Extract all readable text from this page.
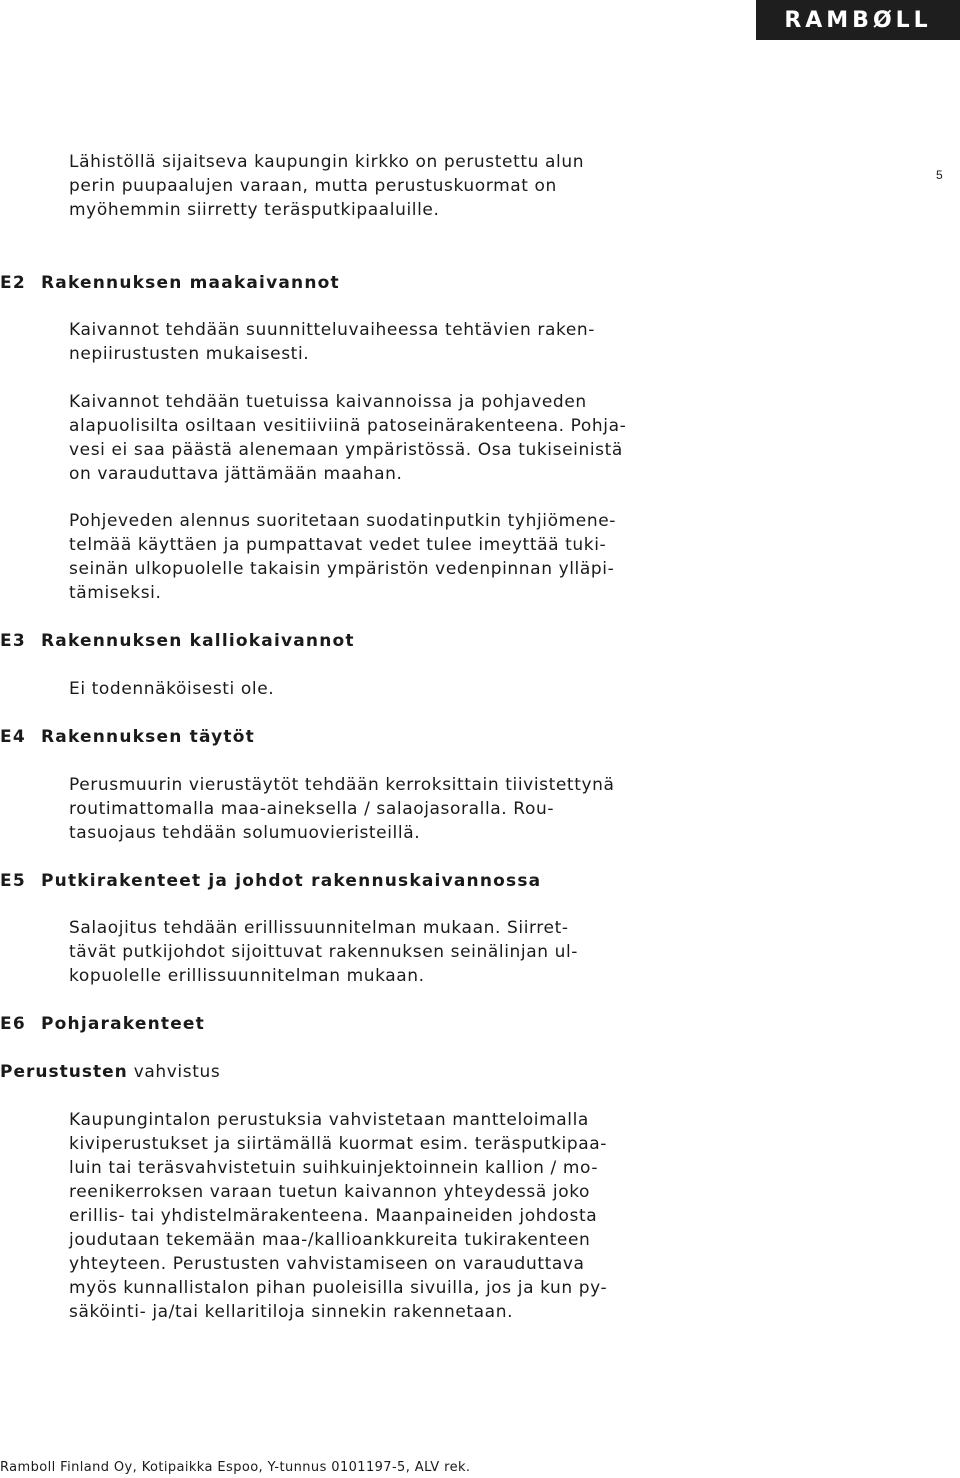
RAMBØLL
5
Lähistöllä sijaitseva kaupungin kirkko on perustettu alun
perin puupaalujen varaan, mutta perustuskuormat on
myöhemmin siirretty teräsputkipaaluille.
E2 Rakennuksen maakaivannot
Kaivannot tehdään suunnitteluvaiheessa tehtävien raken-
nepiirustusten mukaisesti.
Kaivannot tehdään tuetuissa kaivannoissa ja pohjaveden
alapuolisilta osiltaan vesitiiviinä patoseinärakenteena. Pohja-
vesi ei saa päästä alenemaan ympäristössä. Osa tukiseinistä
on varauduttava jättämään maahan.
Pohjeveden alennus suoritetaan suodatinputkin tyhjiömene-
telmää käyttäen ja pumpattavat vedet tulee imeyttää tuki-
seinän ulkopuolelle takaisin ympäristön vedenpinnan ylläpi-
tämiseksi.
E3 Rakennuksen kalliokaivannot
Ei todennäköisesti ole.
E4 Rakennuksen täytöt
Perusmuurin vierustäytöt tehdään kerroksittain tiivistettynä
routimattomalla maa-aineksella / salaojasoralla. Rou-
tasuojaus tehdään solumuovieristeillä.
E5 Putkirakenteet ja johdot rakennuskaivannossa
Salaojitus tehdään erillissuunnitelman mukaan. Siirret-
tävät putkijohdot sijoittuvat rakennuksen seinälinjan ul-
kopuolelle erillissuunnitelman mukaan.
E6 Pohjarakenteet
Perustusten vahvistus
Kaupungintalon perustuksia vahvistetaan mantteloimalla
kiviperustukset ja siirtämällä kuormat esim. teräsputkipaa-
luin tai teräsvahvistetuin suihkuinjektoinnein kallion / mo-
reenikerroksen varaan tuetun kaivannon yhteydessä joko
erillis- tai yhdistelmärakenteena. Maanpaineiden johdosta
joudutaan tekemään maa-/kallioankkureita tukirakenteen
yhteyteen. Perustusten vahvistamiseen on varauduttava
myös kunnallistalon pihan puoleisilla sivuilla, jos ja kun py-
säköinti- ja/tai kellaritiloja sinnekin rakennetaan.
Ramboll Finland Oy, Kotipaikka Espoo, Y-tunnus 0101197-5, ALV rek.
